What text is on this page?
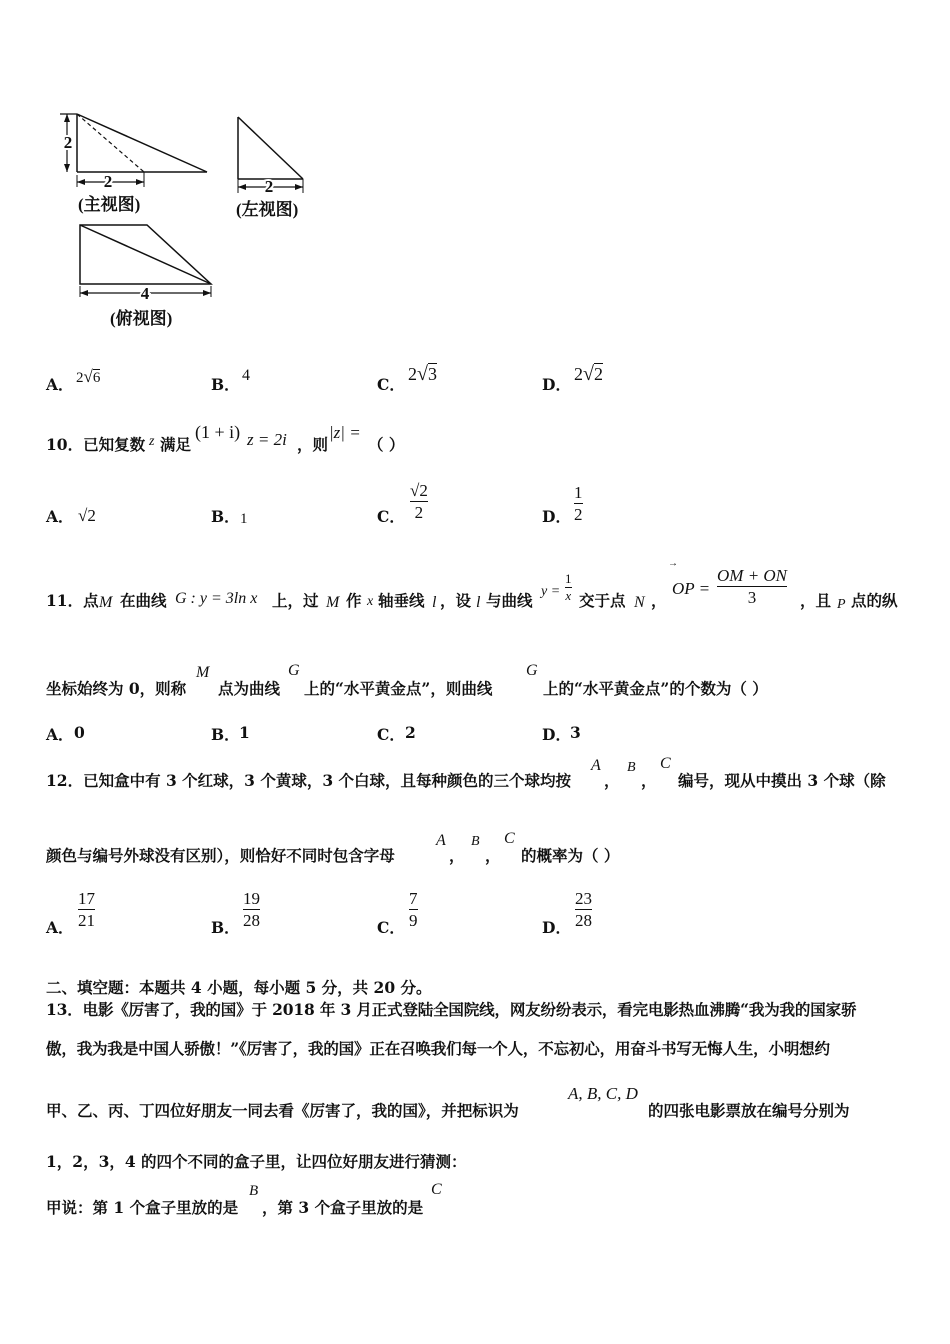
2
2
(主视图)
2
(左视图)
4
(俯视图)
A． 2√6	B． 4	C．
2√3
D．
2√2
10．已知复数 z 满足
(1 + i) z = 2i ，则
|z| =
（ ）
A． √2	B． 1	C．
√2
2	D．
1
2
11．点 M 在曲线 G : y = 3ln x 上，过 M 作 x 轴垂线 l ，设 l 与曲线 y =
1
x 交于点 N ，
→
OP =
OM + ON
3	，且 P 点的纵
坐标始终为 0，则称
M
点为曲线
G
上的“水平黄金点”，则曲线
G
上的“水平黄金点”的个数为（ ）
A． 0	B． 1	C． 2	D． 3
12．已知盒中有 3 个红球，3 个黄球，3 个白球，且每种颜色的三个球均按
A
，
B
，
C
编号，现从中摸出 3 个球（除
颜色与编号外球没有区别），则恰好不同时包含字母
A
，
B
，
C
的概率为（ ）
A．
17
21	B．
19
28	C．
7
9	D．
23
28
二、填空题：本题共 4 小题，每小题 5 分，共 20 分。
13．电影《厉害了，我的国》于 2018 年 3 月正式登陆全国院线，网友纷纷表示，看完电影热血沸腾“我为我的国家骄
傲，我为我是中国人骄傲！”《厉害了，我的国》正在召唤我们每一个人，不忘初心，用奋斗书写无悔人生，小明想约
甲、乙、丙、丁四位好朋友一同去看《厉害了，我的国》，并把标识为
A, B, C, D
的四张电影票放在编号分别为
1，2，3，4 的四个不同的盒子里，让四位好朋友进行猜测：
甲说：第 1 个盒子里放的是
B
，第 3 个盒子里放的是
C
